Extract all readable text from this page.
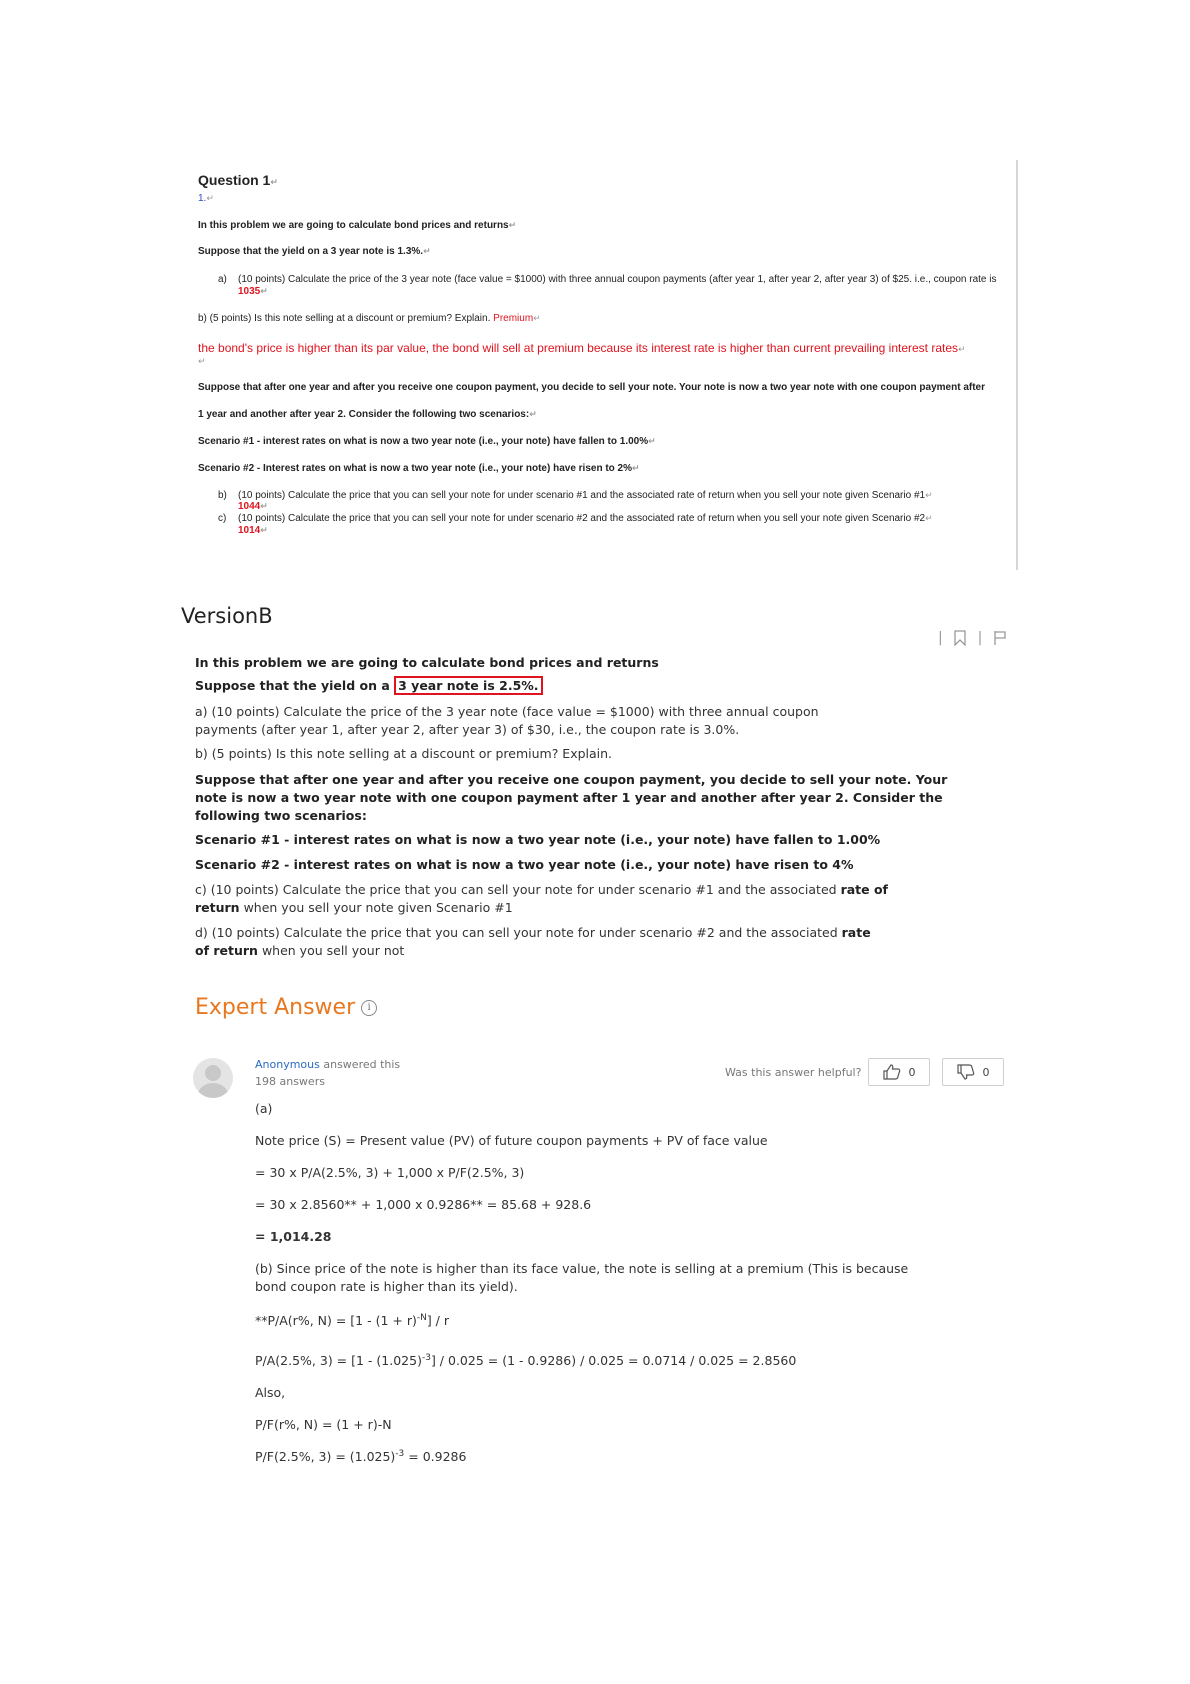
Question 1↵
1.↵
In this problem we are going to calculate bond prices and returns↵
Suppose that the yield on a 3 year note is 1.3%.↵
a) (10 points) Calculate the price of the 3 year note (face value = $1000) with three annual coupon payments (after year 1, after year 2, after year 3) of $25. i.e., coupon rate is
1035↵
b) (5 points) Is this note selling at a discount or premium? Explain. Premium↵
the bond's price is higher than its par value, the bond will sell at premium because its interest rate is higher than current prevailing interest rates↵
↵
Suppose that after one year and after you receive one coupon payment, you decide to sell your note. Your note is now a two year note with one coupon payment after
1 year and another after year 2. Consider the following two scenarios:↵
Scenario #1 - interest rates on what is now a two year note (i.e., your note) have fallen to 1.00%↵
Scenario #2 - Interest rates on what is now a two year note (i.e., your note) have risen to 2%↵
b) (10 points) Calculate the price that you can sell your note for under scenario #1 and the associated rate of return when you sell your note given Scenario #1↵
1044↵
c) (10 points) Calculate the price that you can sell your note for under scenario #2 and the associated rate of return when you sell your note given Scenario #2↵
1014↵
VersionB
| |
In this problem we are going to calculate bond prices and returns
Suppose that the yield on a 3 year note is 2.5%.
a) (10 points) Calculate the price of the 3 year note (face value = $1000) with three annual coupon
payments (after year 1, after year 2, after year 3) of $30, i.e., the coupon rate is 3.0%.
b) (5 points) Is this note selling at a discount or premium? Explain.
Suppose that after one year and after you receive one coupon payment, you decide to sell your note. Your
note is now a two year note with one coupon payment after 1 year and another after year 2. Consider the
following two scenarios:
Scenario #1 - interest rates on what is now a two year note (i.e., your note) have fallen to 1.00%
Scenario #2 - interest rates on what is now a two year note (i.e., your note) have risen to 4%
c) (10 points) Calculate the price that you can sell your note for under scenario #1 and the associated rate of
return when you sell your note given Scenario #1
d) (10 points) Calculate the price that you can sell your note for under scenario #2 and the associated rate
of return when you sell your not
Expert Answer i
Anonymous answered this
198 answers
Was this answer helpful?	0	0
(a)
Note price (S) = Present value (PV) of future coupon payments + PV of face value
= 30 x P/A(2.5%, 3) + 1,000 x P/F(2.5%, 3)
= 30 x 2.8560** + 1,000 x 0.9286** = 85.68 + 928.6
= 1,014.28
(b) Since price of the note is higher than its face value, the note is selling at a premium (This is because
bond coupon rate is higher than its yield).
**P/A(r%, $N) = [1 - (1 + r)^{-N}] / r$
P/A(2.5%, $3) = [1 - (1.025)^{-3}] / 0.025 = (1 - 0.9286) / 0.025 = 0.0714 / 0.025 = 2.8560$
Also,
P/F(r%, N) = (1 + r)-N
P/F(2.5%, $3) = (1.025)^{-3} = 0.9286$
